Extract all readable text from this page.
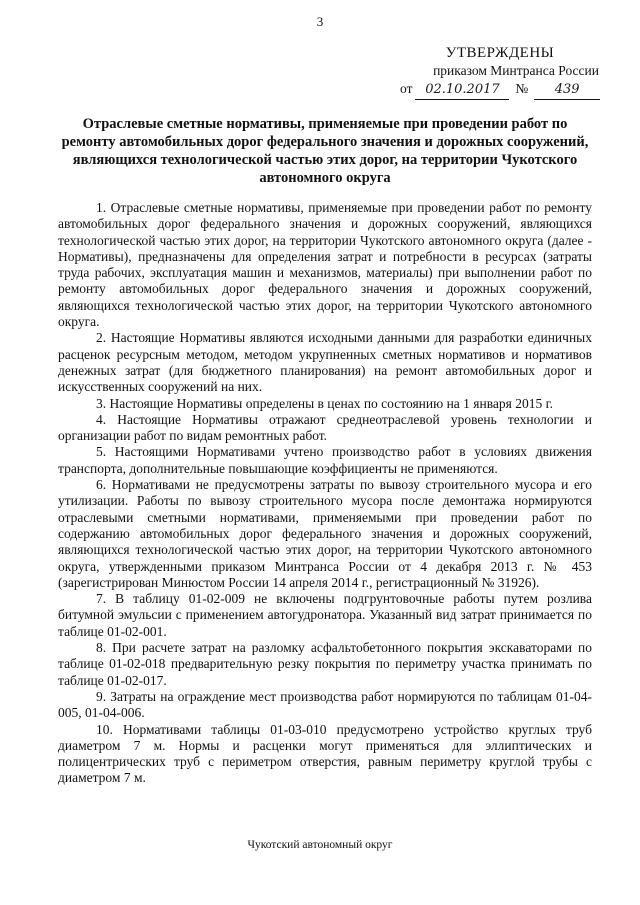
3
УТВЕРЖДЕНЫ
приказом Минтранса России
от 02.10.2017	№	439
Отраслевые сметные нормативы, применяемые при проведении работ по ремонту автомобильных дорог федерального значения и дорожных сооружений, являющихся технологической частью этих дорог, на территории Чукотского автономного округа

1. Отраслевые сметные нормативы, применяемые при проведении работ по ремонту автомобильных дорог федерального значения и дорожных сооружений, являющихся технологической частью этих дорог, на территории Чукотского автономного округа (далее - Нормативы), предназначены для определения затрат и потребности в ресурсах (затраты труда рабочих, эксплуатация машин и механизмов, материалы) при выполнении работ по ремонту автомобильных дорог федерального значения и дорожных сооружений, являющихся технологической частью этих дорог, на территории Чукотского автономного округа.

2. Настоящие Нормативы являются исходными данными для разработки единичных расценок ресурсным методом, методом укрупненных сметных нормативов и нормативов денежных затрат (для бюджетного планирования) на ремонт автомобильных дорог и искусственных сооружений на них.

3. Настоящие Нормативы определены в ценах по состоянию на 1 января 2015 г.

4. Настоящие Нормативы отражают среднеотраслевой уровень технологии и организации работ по видам ремонтных работ.

5. Настоящими Нормативами учтено производство работ в условиях движения транспорта, дополнительные повышающие коэффициенты не применяются.

6. Нормативами не предусмотрены затраты по вывозу строительного мусора и его утилизации. Работы по вывозу строительного мусора после демонтажа нормируются отраслевыми сметными нормативами, применяемыми при проведении работ по содержанию автомобильных дорог федерального значения и дорожных сооружений, являющихся технологической частью этих дорог, на территории Чукотского автономного округа, утвержденными приказом Минтранса России от 4 декабря 2013 г. № 453 (зарегистрирован Минюстом России 14 апреля 2014 г., регистрационный № 31926).

7. В таблицу 01-02-009 не включены подгрунтовочные работы путем розлива битумной эмульсии с применением автогудронатора. Указанный вид затрат принимается по таблице 01-02-001.

8. При расчете затрат на разломку асфальтобетонного покрытия экскаваторами по таблице 01-02-018 предварительную резку покрытия по периметру участка принимать по таблице 01-02-017.

9. Затраты на ограждение мест производства работ нормируются по таблицам 01-04-005, 01-04-006.

10. Нормативами таблицы 01-03-010 предусмотрено устройство круглых труб диаметром 7 м. Нормы и расценки могут применяться для эллиптических и полицентрических труб с периметром отверстия, равным периметру круглой трубы с диаметром 7 м.

Чукотский автономный округ
